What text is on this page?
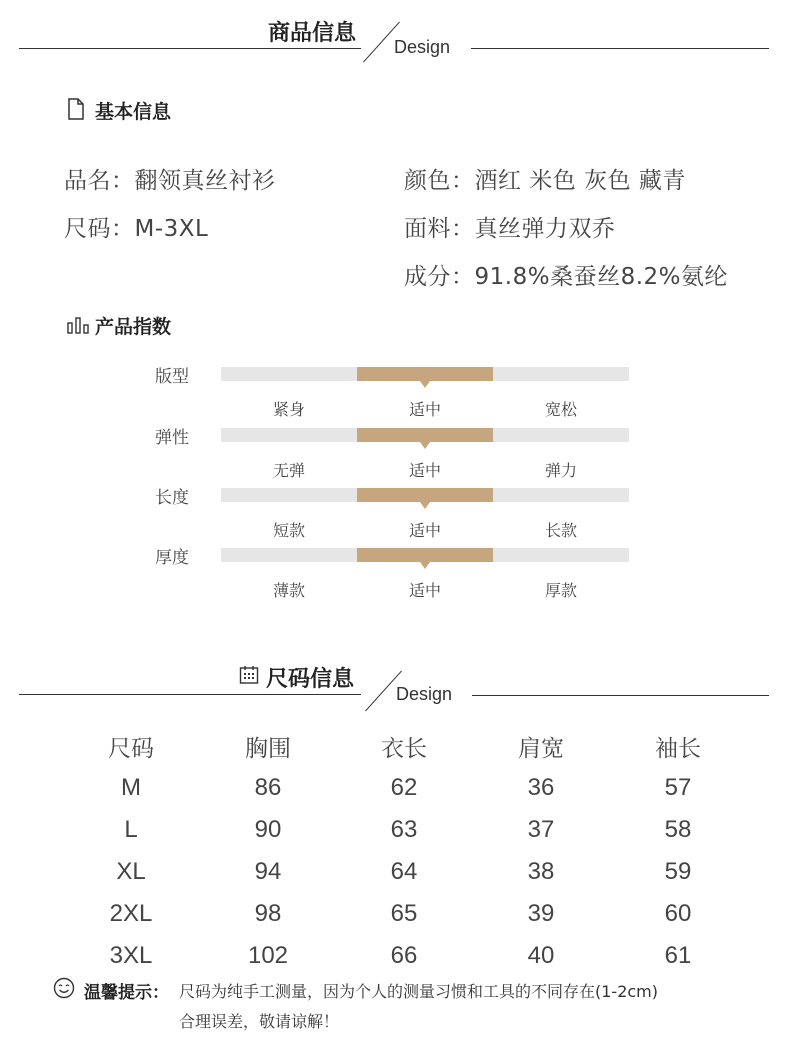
商品信息
Design
基本信息
品名：翻领真丝衬衫
尺码：M-3XL
颜色：酒红 米色 灰色 藏青
面料：真丝弹力双乔
成分：91.8%桑蚕丝8.2%氨纶
产品指数
版型
紧身	适中	宽松
弹性
无弹	适中	弹力
长度
短款	适中	长款
厚度
薄款	适中	厚款
尺码信息
Design
尺码	胸围	衣长	肩宽	袖长
M	86	62	36	57
L	90	63	37	58
XL	94	64	38	59
2XL	98	65	39	60
3XL	102	66	40	61
温馨提示： 尺码为纯手工测量，因为个人的测量习惯和工具的不同存在(1-2cm)
合理误差，敬请谅解！
